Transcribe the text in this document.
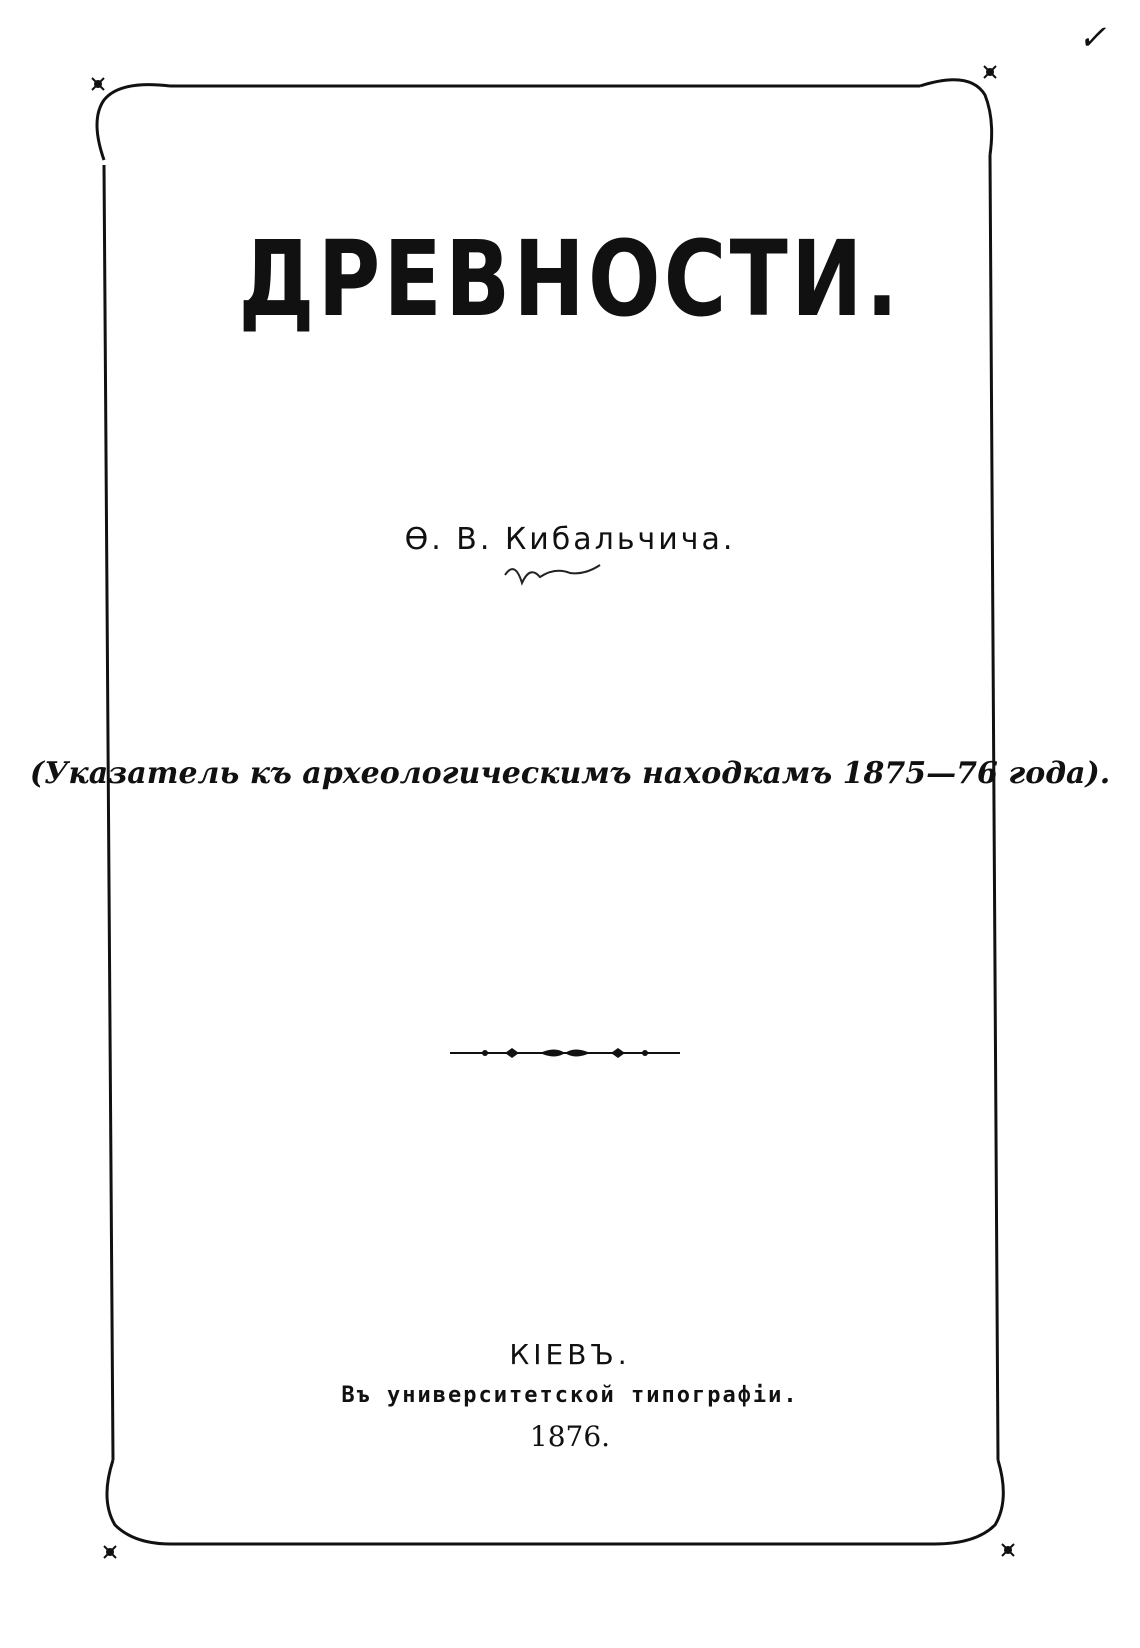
✓
ДРЕВНОСТИ.
Ѳ. В. Кибальчича.
(Указатель къ археологическимъ находкамъ 1875—76 года).
КІЕВЪ.
Въ университетской типографіи.
1876.
